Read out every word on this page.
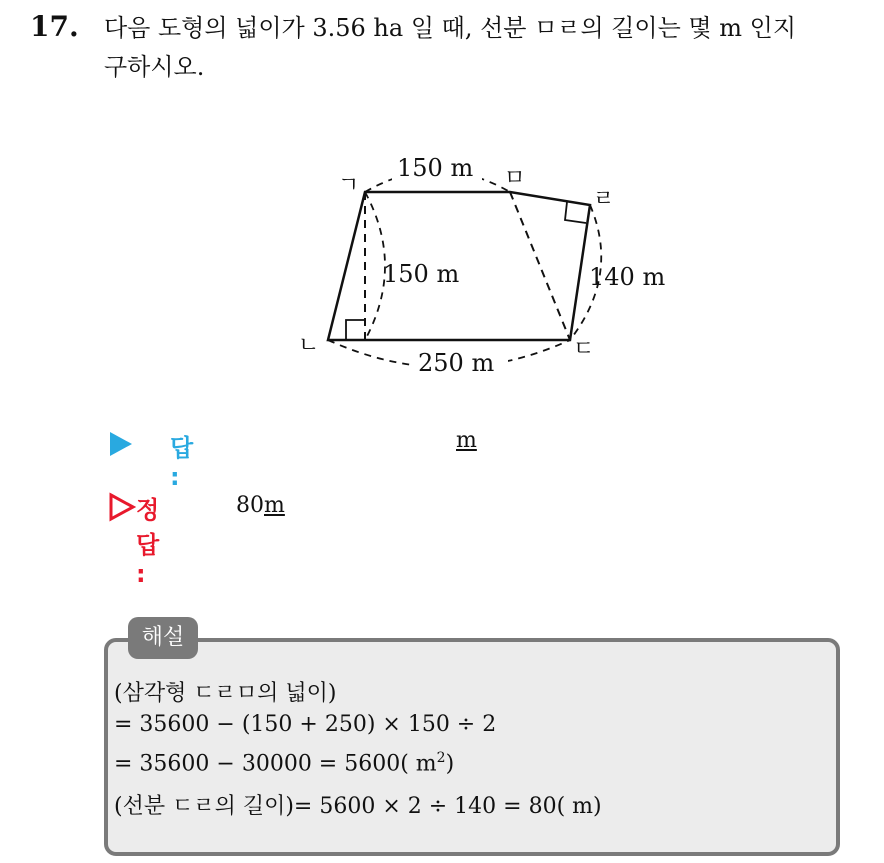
17. 다음 도형의 넓이가 3.56 ha 일 때, 선분 ㅁㄹ의 길이는 몇 m 인지
구하시오.
ㄱ
ㄴ	ㄷ
ㄹ
ㅁ
150 m
150 m	140 m
250 m
답 :
m
정답 :
80m
해설
(삼각형 ㄷㄹㅁ의 넓이)
= 35600 − (150 + 250) × 150 ÷ 2
= 35600 − 30000 = 5600( $m^2$)
(선분 ㄷㄹ의 길이)= 5600 × 2 ÷ 140 = 80( m)
